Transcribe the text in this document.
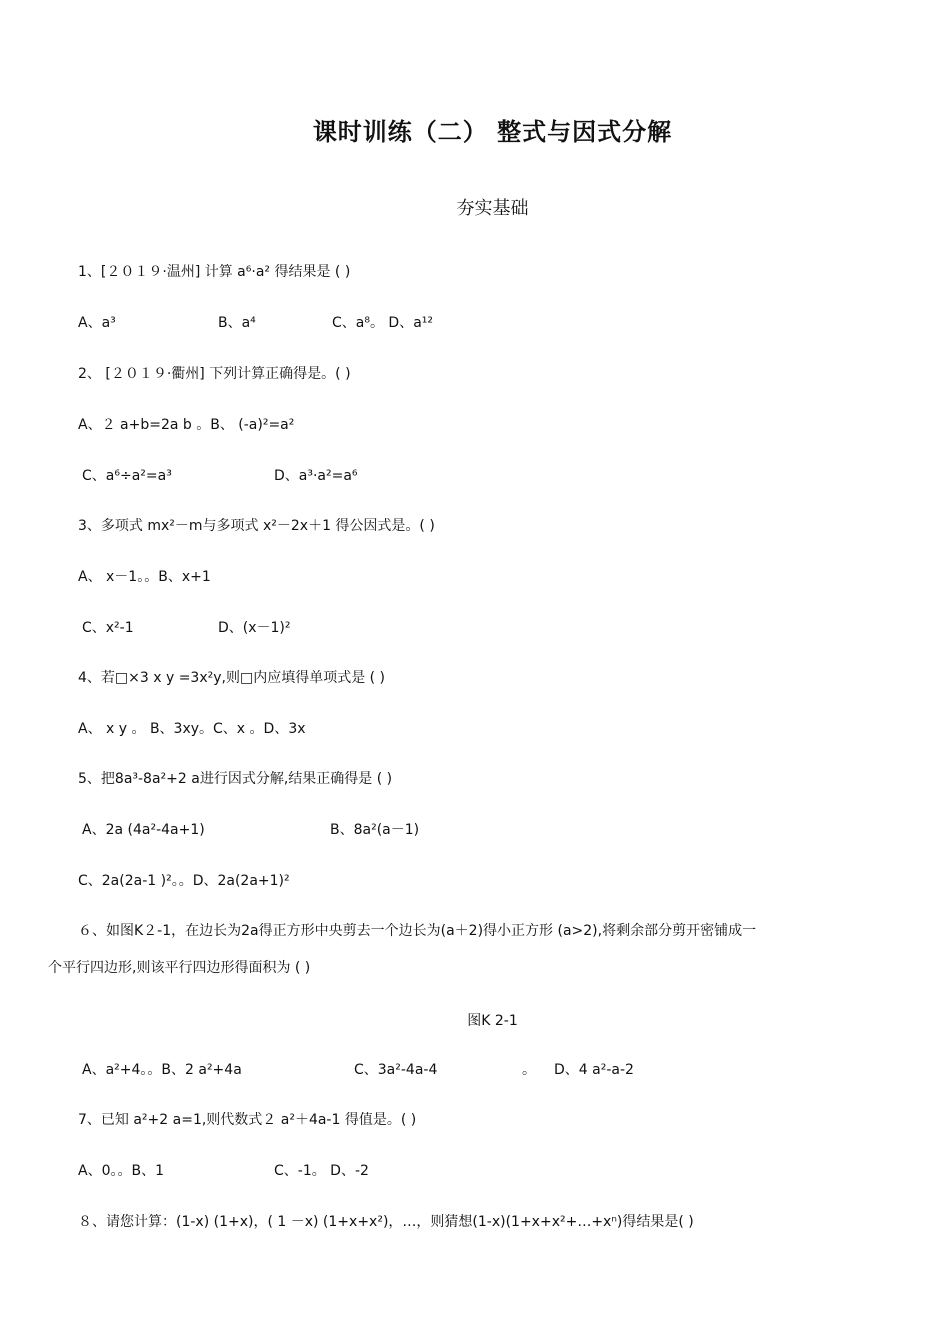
课时训练（二） 整式与因式分解
夯实基础
1、[２０１９·温州] 计算 a⁶·a² 得结果是 ( )
A、a³	B、a⁴	C、a⁸。 D、a¹²
2、 [２０１９·衢州] 下列计算正确得是。( )
A、２ a+b=2a b 。B、 (-a)²=a²
C、a⁶÷a²=a³	D、a³·a²=a⁶
3、多项式 mx²－m与多项式 x²－2x＋1 得公因式是。( )
A、 x－1。。B、x+1
C、x²-1	D、(x－1)²
4、若□×3 x y =3x²y,则□内应填得单项式是 ( )
A、 x y 。 B、3xy。C、x 。D、3x
5、把8a³-8a²+2 a进行因式分解,结果正确得是 ( )
A、2a (4a²-4a+1)	B、8a²(a－1)
C、2a(2a-1 )²。。D、2a(2a+1)²
６、如图K２-1，在边长为2a得正方形中央剪去一个边长为(a＋2)得小正方形 (a>2),将剩余部分剪开密铺成一
个平行四边形,则该平行四边形得面积为 ( )
图K 2-1
A、a²+4。。B、2 a²+4a	C、3a²-4a-4	。 D、4 a²-a-2
7、已知 a²+2 a=1,则代数式２ a²＋4a-1 得值是。( )
A、0。。B、1	C、-1。 D、-2
８、请您计算：(1-x) (1+x)，( 1 －x) (1+x+x²)，…，则猜想(1-x)(1+x+x²+…+xⁿ)得结果是( )
